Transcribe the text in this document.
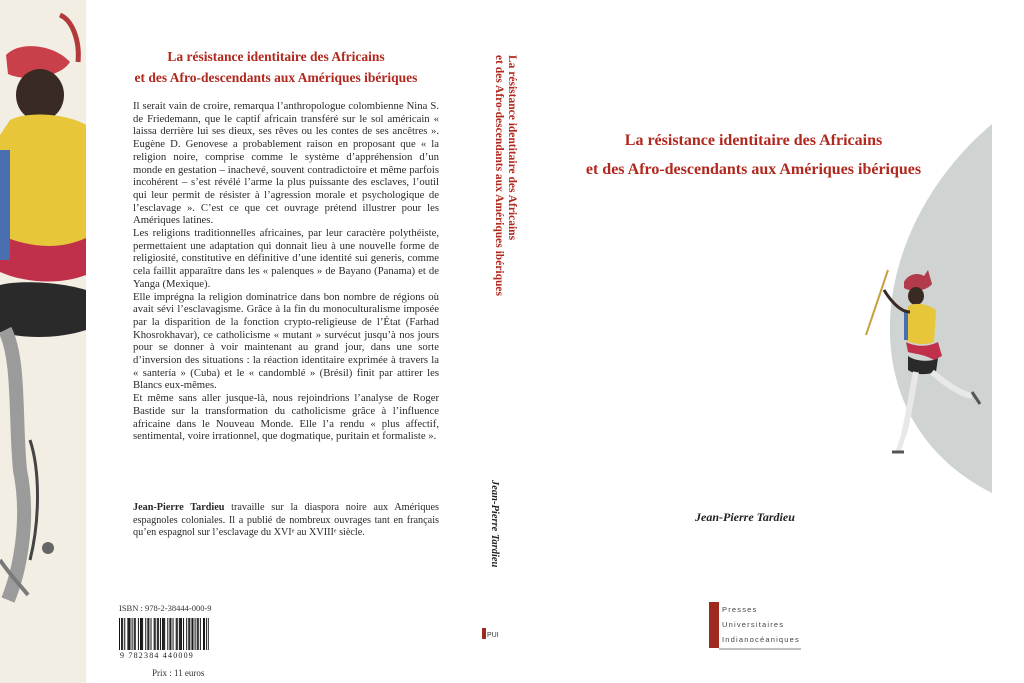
La résistance identitaire des Africains
et des Afro-descendants aux Amériques ibériques

Il serait vain de croire, remarqua l’anthropologue colombienne Nina S. de Friedemann, que le captif africain transféré sur le sol américain « laissa derrière lui ses dieux, ses rêves ou les contes de ses ancêtres ». Eugène D. Genovese a probablement raison en proposant que « la religion noire, comprise comme le système d’appréhension d’un monde en gestation – inachevé, souvent contradictoire et même parfois incohérent – s’est révélé l’arme la plus puissante des esclaves, l’outil qui leur permit de résister à l’agression morale et psychologique de l’esclavage ». C’est ce que cet ouvrage prétend illustrer pour les Amériques latines.

Les religions traditionnelles africaines, par leur caractère polythéiste, permettaient une adaptation qui donnait lieu à une nouvelle forme de religiosité, constitutive en définitive d’une identité sui generis, comme cela faillit apparaître dans les « palenques » de Bayano (Panama) et de Yanga (Mexique).

Elle imprégna la religion dominatrice dans bon nombre de régions où avait sévi l’esclavagisme. Grâce à la fin du monoculturalisme imposée par la disparition de la fonction crypto-religieuse de l’État (Farhad Khosrokhavar), ce catholicisme « mutant » survécut jusqu’à nos jours pour se donner à voir maintenant au grand jour, dans une sorte d’inversion des situations : la réaction identitaire exprimée à travers la « santería » (Cuba) et le « candomblé » (Brésil) finit par attirer les Blancs eux-mêmes.

Et même sans aller jusque-là, nous rejoindrions l’analyse de Roger Bastide sur la transformation du catholicisme grâce à l’influence africaine dans le Nouveau Monde. Elle l’a rendu « plus affectif, sentimental, voire irrationnel, que dogmatique, puritain et formaliste ».

Jean-Pierre Tardieu travaille sur la diaspora noire aux Amériques espagnoles coloniales. Il a publié de nombreux ouvrages tant en français qu’en espagnol sur l’esclavage du XVIᵉ au XVIIIᵉ siècle.
ISBN : 978-2-38444-000-9
9 782384 440009
Prix : 11 euros
La résistance identitaire des Africains
et des Afro-descendants aux Amériques ibériques
Jean-Pierre Tardieu
PUI
La résistance identitaire des Africains
et des Afro-descendants aux Amériques ibériques
Jean-Pierre Tardieu
Presses
Universitaires
Indianocéaniques
